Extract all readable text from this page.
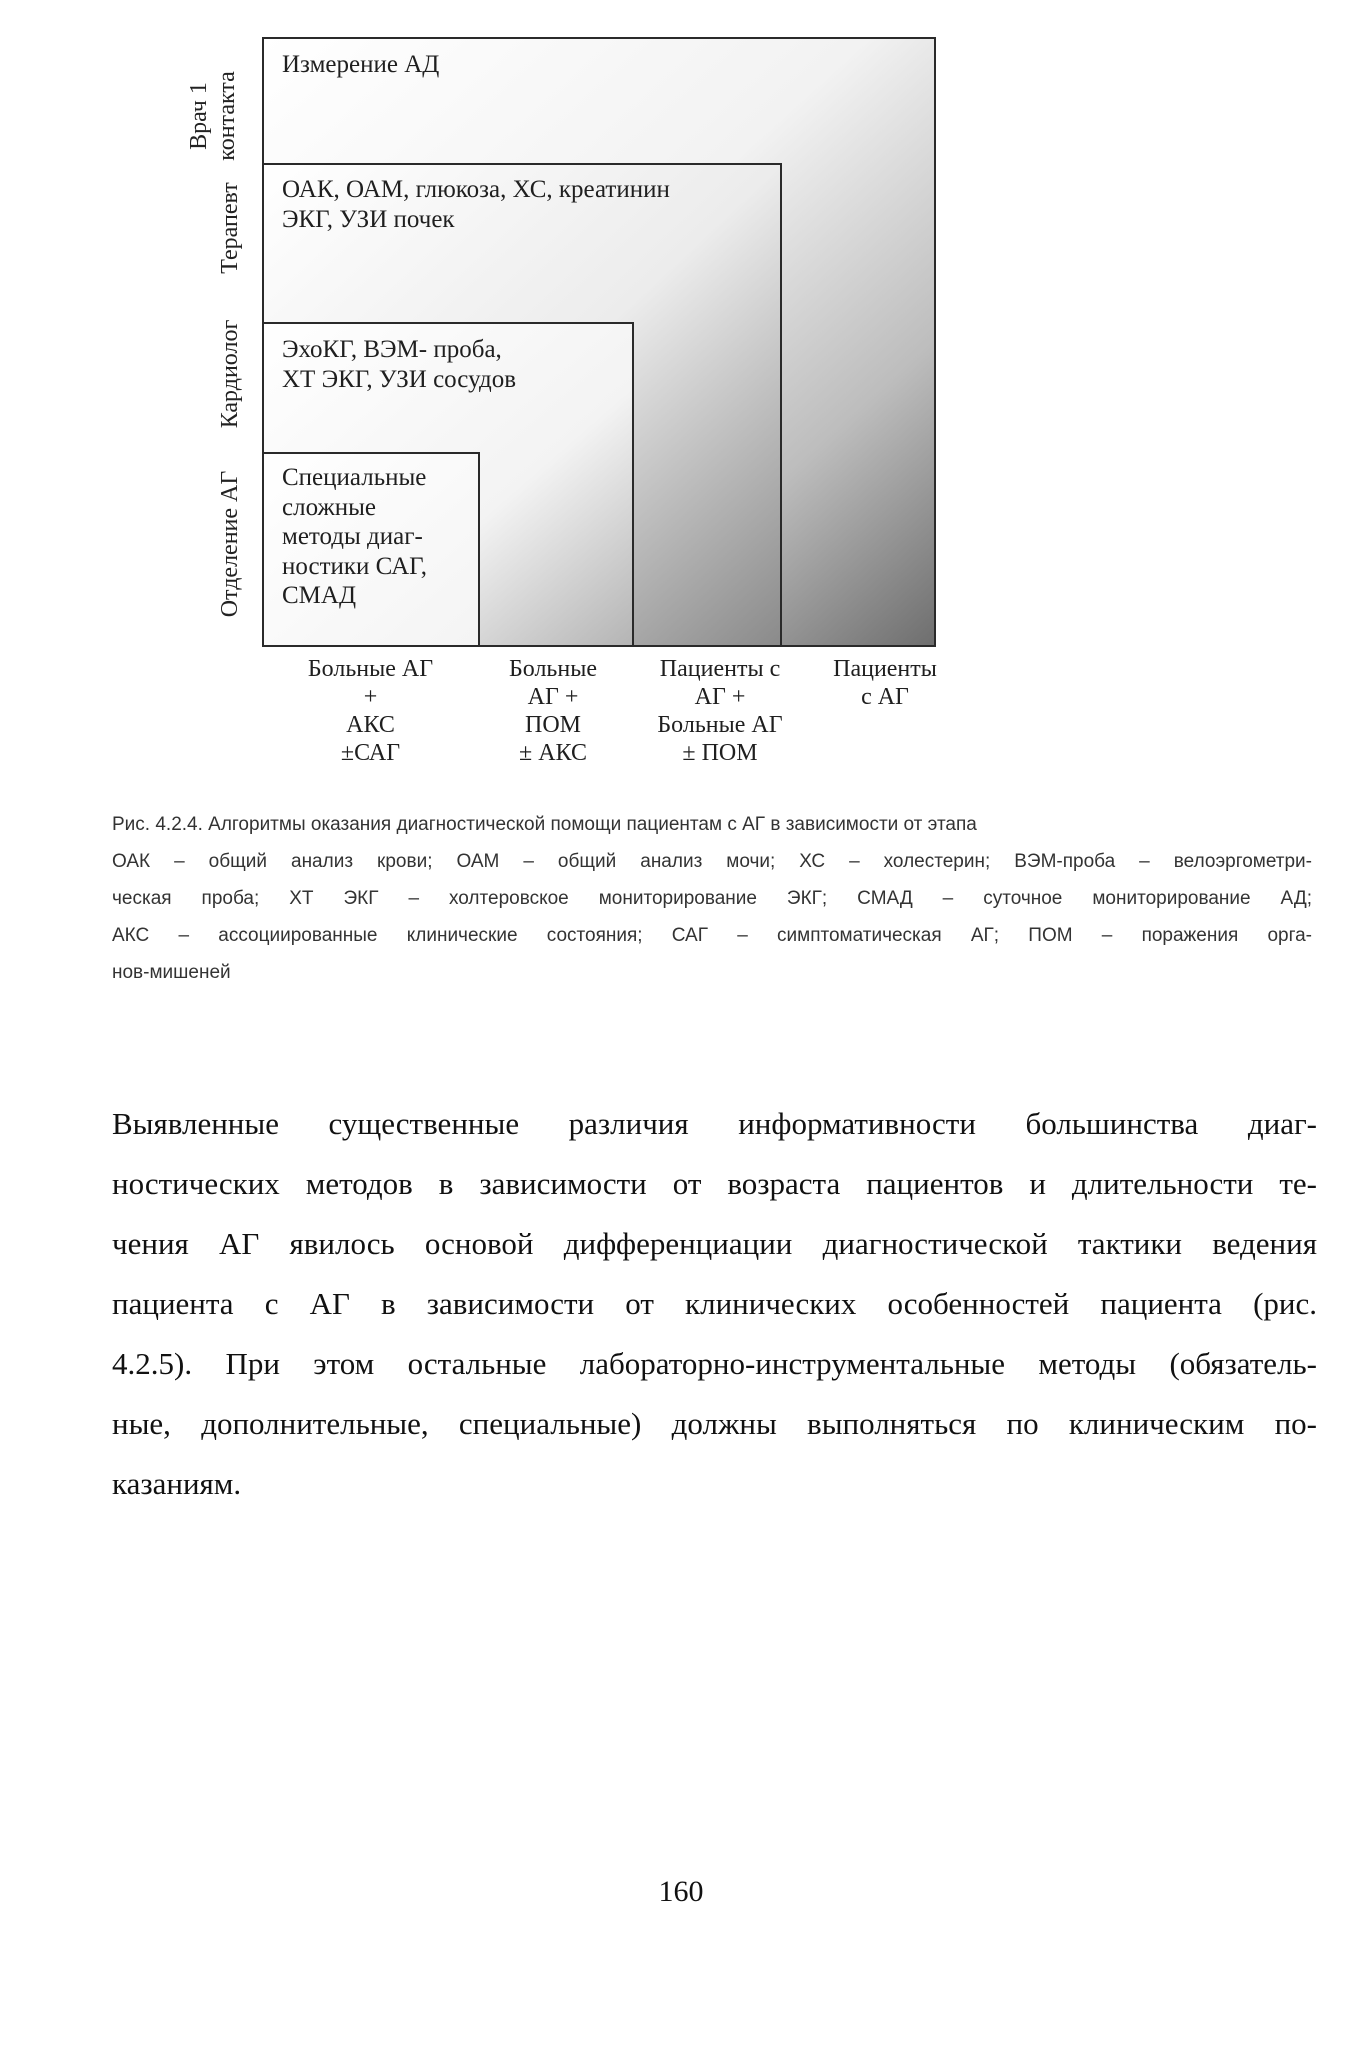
Врач 1 контакта
Терапевт
Кардиолог
Отделение АГ
Измерение АД
ОАК, ОАМ, глюкоза, ХС, креатинин
ЭКГ, УЗИ почек
ЭхоКГ, ВЭМ- проба,
ХТ ЭКГ, УЗИ сосудов
Специальные
сложные
методы диаг-
ностики САГ,
СМАД
Больные АГ
+
АКС
±САГ
Больные
АГ +
ПОМ
± АКС
Пациенты с
АГ +
Больные АГ
± ПОМ
Пациенты
с АГ

Рис. 4.2.4. Алгоритмы оказания диагностической помощи пациентам с АГ в зависимости от этапа

ОАК – общий анализ крови; ОАМ – общий анализ мочи; ХС – холестерин; ВЭМ-проба – велоэргометри-

ческая проба; ХТ ЭКГ – холтеровское мониторирование ЭКГ; СМАД – суточное мониторирование АД;

АКС – ассоциированные клинические состояния; САГ – симптоматическая АГ; ПОМ – поражения орга-

нов-мишеней

Выявленные существенные различия информативности большинства диаг-
ностических методов в зависимости от возраста пациентов и длительности те-
чения АГ явилось основой дифференциации диагностической тактики ведения
пациента с АГ в зависимости от клинических особенностей пациента (рис.
4.2.5). При этом остальные лабораторно-инструментальные методы (обязатель-
ные, дополнительные, специальные) должны выполняться по клиническим по-
казаниям.
160
